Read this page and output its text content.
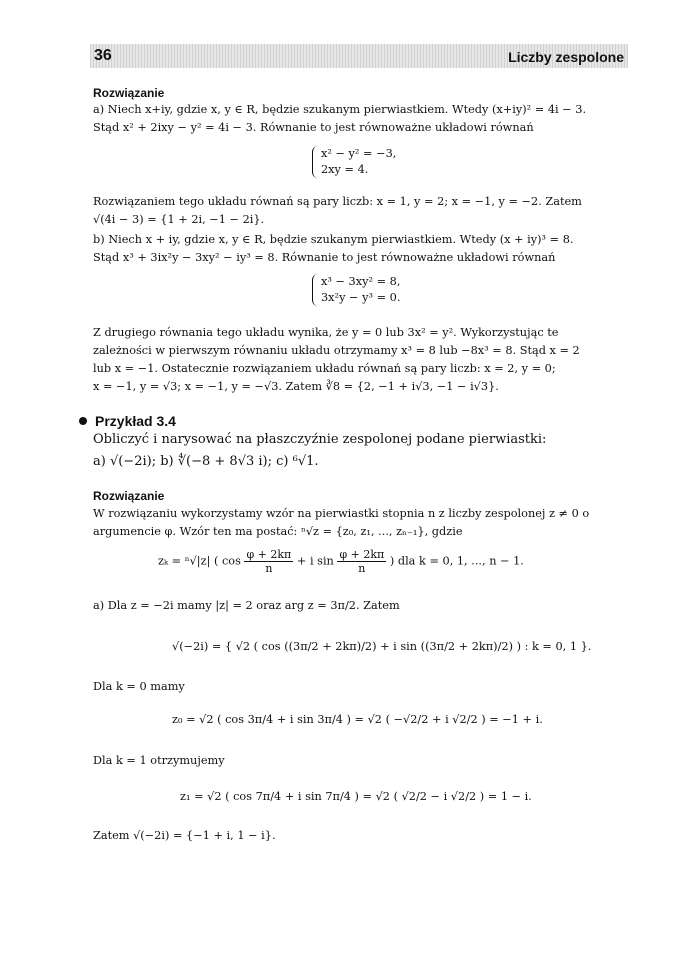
36	Liczby zespolone
Rozwiązanie
a) Niech x+iy, gdzie x, y ∈ R, będzie szukanym pierwiastkiem. Wtedy (x+iy)² = 4i − 3.
Stąd x² + 2ixy − y² = 4i − 3. Równanie to jest równoważne układowi równań
x² − y² = −3,
2xy = 4.
Rozwiązaniem tego układu równań są pary liczb: x = 1, y = 2; x = −1, y = −2. Zatem
√(4i − 3) = {1 + 2i, −1 − 2i}.
b) Niech x + iy, gdzie x, y ∈ R, będzie szukanym pierwiastkiem. Wtedy (x + iy)³ = 8.
Stąd x³ + 3ix²y − 3xy² − iy³ = 8. Równanie to jest równoważne układowi równań
x³ − 3xy² = 8,
3x²y − y³ = 0.
Z drugiego równania tego układu wynika, że y = 0 lub 3x² = y². Wykorzystując te
zależności w pierwszym równaniu układu otrzymamy x³ = 8 lub −8x³ = 8. Stąd x = 2
lub x = −1. Ostatecznie rozwiązaniem układu równań są pary liczb: x = 2, y = 0;
x = −1, y = √3; x = −1, y = −√3. Zatem ∛8 = {2, −1 + i√3, −1 − i√3}.
Przykład 3.4
Obliczyć i narysować na płaszczyźnie zespolonej podane pierwiastki:
a) √(−2i); b) ∜(−8 + 8√3 i); c) ⁶√1.
Rozwiązanie
W rozwiązaniu wykorzystamy wzór na pierwiastki stopnia n z liczby zespolonej z ≠ 0 o
argumencie φ. Wzór ten ma postać: ⁿ√z = {z₀, z₁, ..., zₙ₋₁}, gdzie
zₖ = ⁿ√|z| ( $\cos \frac{\varphi + 2k\pi}{n} + i$ $\sin \frac{\varphi + 2k\pi}{n}$ ) dla k = 0, 1, ..., n − 1.
a) Dla z = −2i mamy |z| = 2 oraz arg z = 3π/2. Zatem
√(−2i) = { √2 ( cos ((3π/2 + 2kπ)/2) + i sin ((3π/2 + 2kπ)/2) ) : k = 0, 1 }.
Dla k = 0 mamy
z₀ = √2 ( cos 3π/4 + i sin 3π/4 ) = √2 ( −√2/2 + i √2/2 ) = −1 + i.
Dla k = 1 otrzymujemy
z₁ = √2 ( cos 7π/4 + i sin 7π/4 ) = √2 ( √2/2 − i √2/2 ) = 1 − i.
Zatem √(−2i) = {−1 + i, 1 − i}.
